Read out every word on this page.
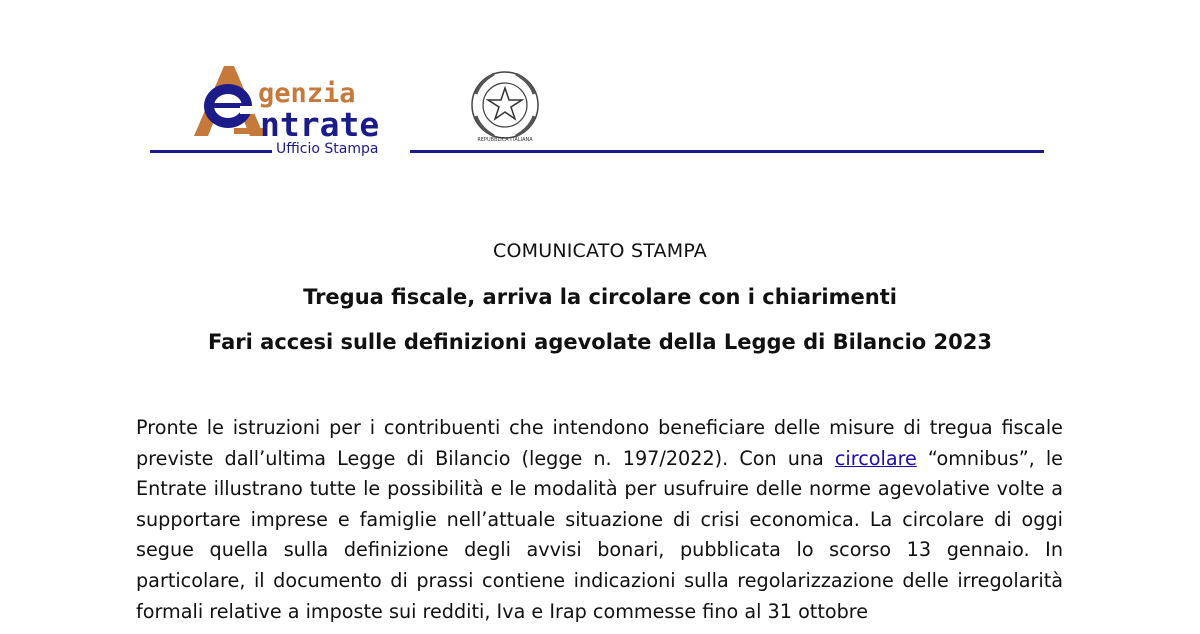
genzia
ntrate	REPUBBLICA ITALIANA
Ufficio Stampa
COMUNICATO STAMPA
Tregua fiscale, arriva la circolare con i chiarimenti
Fari accesi sulle definizioni agevolate della Legge di Bilancio 2023

Pronte le istruzioni per i contribuenti che intendono beneficiare delle misure di tregua fiscale previste dall’ultima Legge di Bilancio (legge n. 197/2022). Con una circolare “omnibus”, le Entrate illustrano tutte le possibilità e le modalità per usufruire delle norme agevolative volte a supportare imprese e famiglie nell’attuale situazione di crisi economica. La circolare di oggi segue quella sulla definizione degli avvisi bonari, pubblicata lo scorso 13 gennaio. In particolare, il documento di prassi contiene indicazioni sulla regolarizzazione delle irregolarità formali relative a imposte sui redditi, Iva e Irap commesse fino al 31 ottobre
